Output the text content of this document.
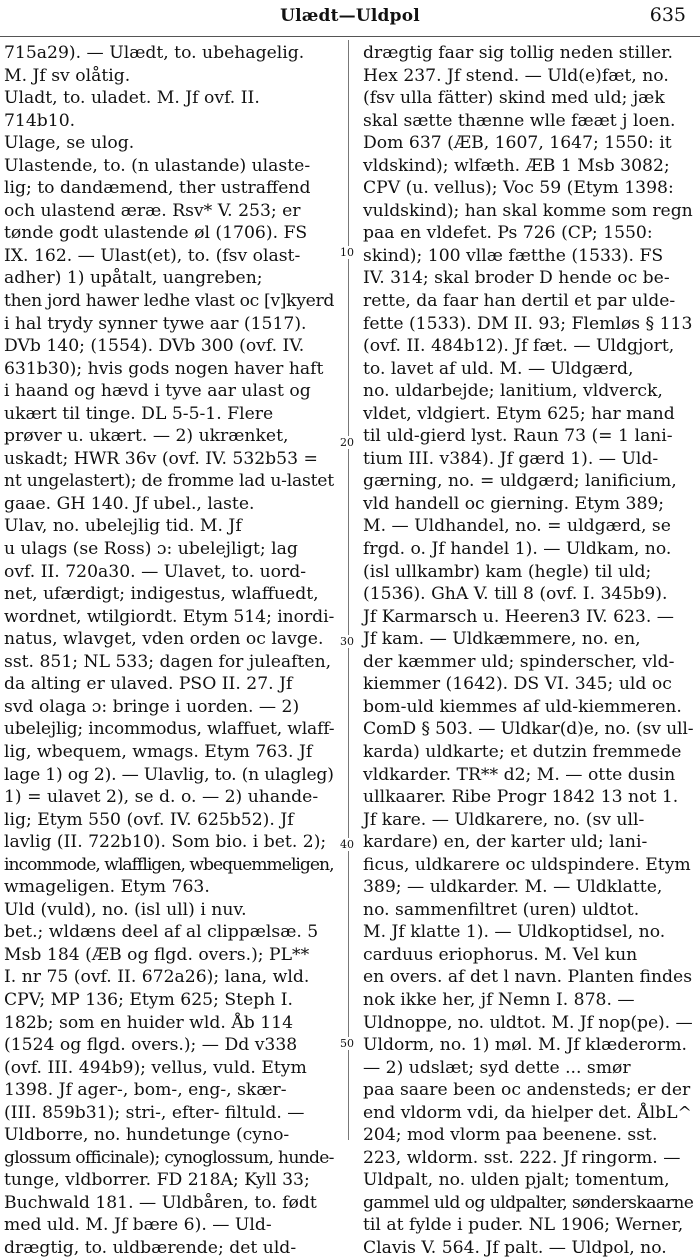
Ulædt—Uldpol	635
715a29). — Ulædt, to. ubehagelig.
M. Jf sv olåtig.
Uladt, to. uladet. M. Jf ovf. II.
714b10.
Ulage, se ulog.
Ulastende, to. (n ulastande) ulaste-
lig; to dandæmend, ther ustraffend
och ulastend æræ. Rsv* V. 253; er
tønde godt ulastende øl (1706). FS
IX. 162. — Ulast(et), to. (fsv olast-
adher) 1) upåtalt, uangreben;
then jord hawer ledhe vlast oc [v]kyerd
i hal trydy synner tywe aar (1517).
DVb 140; (1554). DVb 300 (ovf. IV.
631b30); hvis gods nogen haver haft
i haand og hævd i tyve aar ulast og
ukært til tinge. DL 5-5-1. Flere
prøver u. ukært. — 2) ukrænket,
uskadt; HWR 36v (ovf. IV. 532b53 =
nt ungelastert); de fromme lad u-lastet
gaae. GH 140. Jf ubel., laste.
Ulav, no. ubelejlig tid. M. Jf
u ulags (se Ross) ɔ: ubelejligt; lag
ovf. II. 720a30. — Ulavet, to. uord-
net, ufærdigt; indigestus, wlaffuedt,
wordnet, wtilgiordt. Etym 514; inordi-
natus, wlavget, vden orden oc lavge.
sst. 851; NL 533; dagen for juleaften,
da alting er ulaved. PSO II. 27. Jf
svd olaga ɔ: bringe i uorden. — 2)
ubelejlig; incommodus, wlaffuet, wlaff-
lig, wbequem, wmags. Etym 763. Jf
lage 1) og 2). — Ulavlig, to. (n ulagleg)
1) = ulavet 2), se d. o. — 2) uhande-
lig; Etym 550 (ovf. IV. 625b52). Jf
lavlig (II. 722b10). Som bio. i bet. 2);
incommode, wlaffligen, wbequemmeligen,
wmageligen. Etym 763.
Uld (vuld), no. (isl ull) i nuv.
bet.; wldæns deel af al clippælsæ. 5
Msb 184 (ÆB og flgd. overs.); PL**
I. nr 75 (ovf. II. 672a26); lana, wld.
CPV; MP 136; Etym 625; Steph I.
182b; som en huider wld. Åb 114
(1524 og flgd. overs.); — Dd v338
(ovf. III. 494b9); vellus, vuld. Etym
1398. Jf ager-, bom-, eng-, skær-
(III. 859b31); stri-, efter- filtuld. —
Uldborre, no. hundetunge (cyno-
glossum officinale); cynoglossum, hunde-
tunge, vldborrer. FD 218A; Kyll 33;
Buchwald 181. — Uldbåren, to. født
med uld. M. Jf bære 6). — Uld-
drægtig, to. uldbærende; det uld-
drægtig faar sig tollig neden stiller.
Hex 237. Jf stend. — Uld(e)fæt, no.
(fsv ulla fätter) skind med uld; jæk
skal sætte thænne wlle fææt j loen.
Dom 637 (ÆB, 1607, 1647; 1550: it
vldskind); wlfæth. ÆB 1 Msb 3082;
CPV (u. vellus); Voc 59 (Etym 1398:
vuldskind); han skal komme som regn
paa en vldefet. Ps 726 (CP; 1550:
skind); 100 vllæ fætthe (1533). FS
IV. 314; skal broder D hende oc be-
rette, da faar han dertil et par ulde-
fette (1533). DM II. 93; Flemløs § 113
(ovf. II. 484b12). Jf fæt. — Uldgjort,
to. lavet af uld. M. — Uldgærd,
no. uldarbejde; lanitium, vldverck,
vldet, vldgiert. Etym 625; har mand
til uld-gierd lyst. Raun 73 (= 1 lani-
tium III. v384). Jf gærd 1). — Uld-
gærning, no. = uldgærd; lanificium,
vld handell oc gierning. Etym 389;
M. — Uldhandel, no. = uldgærd, se
frgd. o. Jf handel 1). — Uldkam, no.
(isl ullkambr) kam (hegle) til uld;
(1536). GhA V. till 8 (ovf. I. 345b9).
Jf Karmarsch u. Heeren3 IV. 623. —
Jf kam. — Uldkæmmere, no. en,
der kæmmer uld; spinderscher, vld-
kiemmer (1642). DS VI. 345; uld oc
bom-uld kiemmes af uld-kiemmeren.
ComD § 503. — Uldkar(d)e, no. (sv ull-
karda) uldkarte; et dutzin fremmede
vldkarder. TR** d2; M. — otte dusin
ullkaarer. Ribe Progr 1842 13 not 1.
Jf kare. — Uldkarere, no. (sv ull-
kardare) en, der karter uld; lani-
ficus, uldkarere oc uldspindere. Etym
389; — uldkarder. M. — Uldklatte,
no. sammenfiltret (uren) uldtot.
M. Jf klatte 1). — Uldkoptidsel, no.
carduus eriophorus. M. Vel kun
en overs. af det l navn. Planten findes
nok ikke her, jf Nemn I. 878. —
Uldnoppe, no. uldtot. M. Jf nop(pe). —
Uldorm, no. 1) møl. M. Jf klæderorm.
— 2) udslæt; syd dette ... smør
paa saare been oc andensteds; er der
end vldorm vdi, da hielper det. ÅlbL^
204; mod vlorm paa beenene. sst.
223, wldorm. sst. 222. Jf ringorm. —
Uldpalt, no. ulden pjalt; tomentum,
gammel uld og uldpalter, sønderskaarne
til at fylde i puder. NL 1906; Werner,
Clavis V. 564. Jf palt. — Uldpol, no.
10
20
30
40
50
